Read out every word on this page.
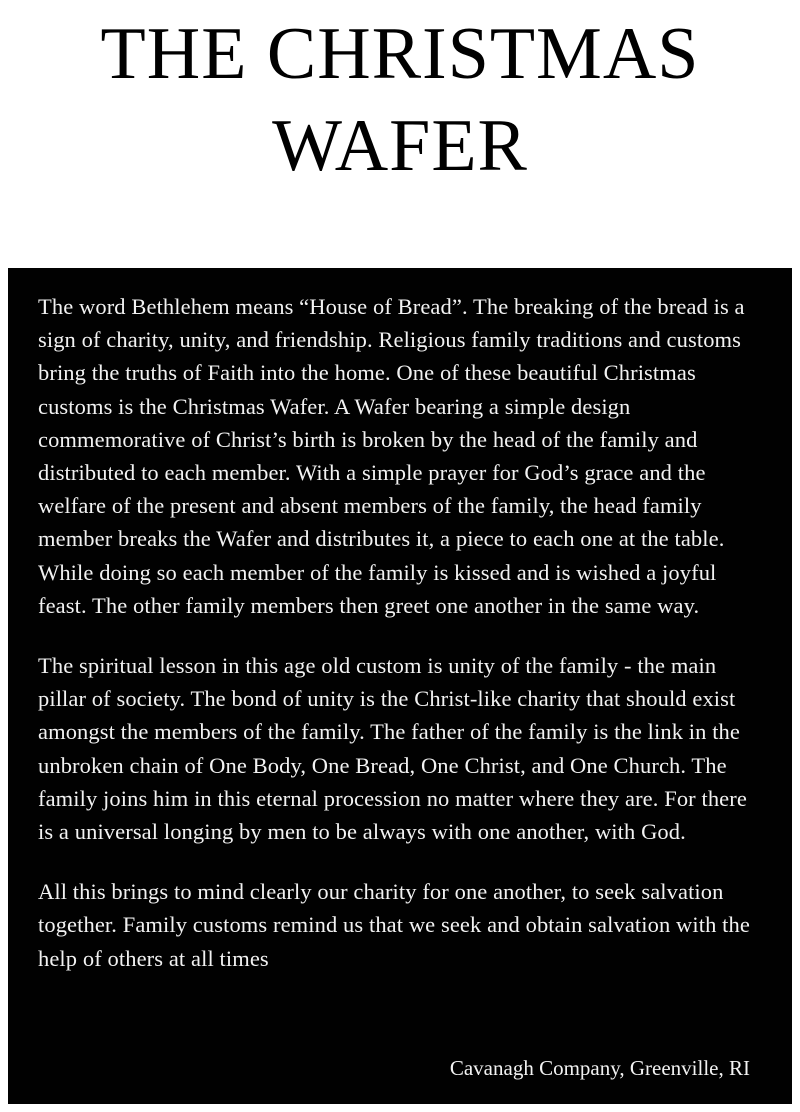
THE CHRISTMAS
WAFER

The word Bethlehem means “House of Bread”. The breaking of the bread is a sign of charity, unity, and friendship. Religious family traditions and customs bring the truths of Faith into the home. One of these beautiful Christmas customs is the Christmas Wafer. A Wafer bearing a simple design commemorative of Christ’s birth is broken by the head of the family and distributed to each member. With a simple prayer for God’s grace and the welfare of the present and absent members of the family, the head family member breaks the Wafer and distributes it, a piece to each one at the table. While doing so each member of the family is kissed and is wished a joyful feast. The other family members then greet one another in the same way.

The spiritual lesson in this age old custom is unity of the family - the main pillar of society. The bond of unity is the Christ-like charity that should exist amongst the members of the family. The father of the family is the link in the unbroken chain of One Body, One Bread, One Christ, and One Church. The family joins him in this eternal procession no matter where they are. For there is a universal longing by men to be always with one another, with God.

All this brings to mind clearly our charity for one another, to seek salvation together. Family customs remind us that we seek and obtain salvation with the help of others at all times

Cavanagh Company, Greenville, RI
